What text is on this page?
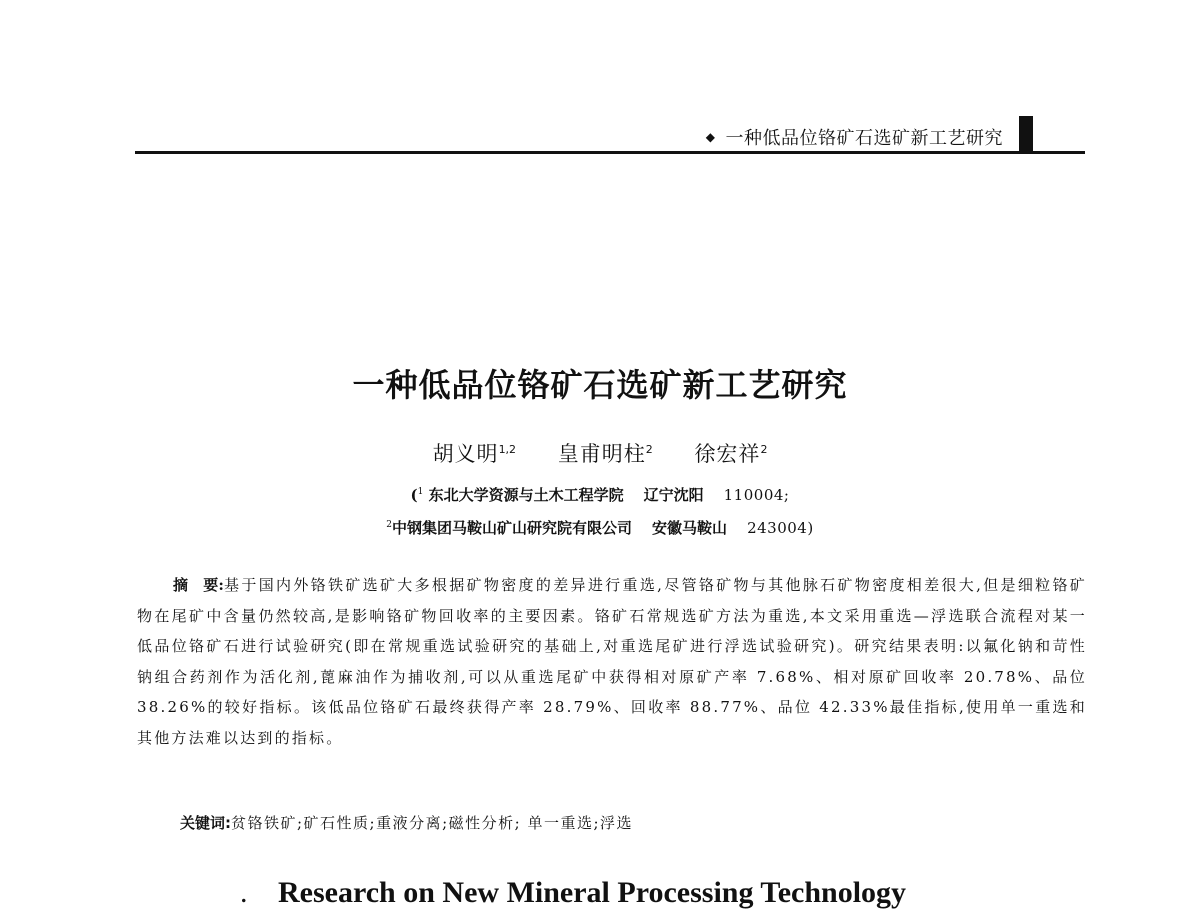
◆ 一种低品位铬矿石选矿新工艺研究
一种低品位铬矿石选矿新工艺研究
胡义明$^{1,2}$ 皇甫明柱$^2$ 徐宏祥$^2$
($^1$ 东北大学资源与土木工程学院 辽宁沈阳 110004;
$^2$中钢集团马鞍山矿山研究院有限公司 安徽马鞍山 243004)
摘　要:基于国内外铬铁矿选矿大多根据矿物密度的差异进行重选,尽管铬矿物与其他脉石矿物密度相差很大,但是细粒铬矿物在尾矿中含量仍然较高,是影响铬矿物回收率的主要因素。铬矿石常规选矿方法为重选,本文采用重选—浮选联合流程对某一低品位铬矿石进行试验研究(即在常规重选试验研究的基础上,对重选尾矿进行浮选试验研究)。研究结果表明:以氟化钠和苛性钠组合药剂作为活化剂,蓖麻油作为捕收剂,可以从重选尾矿中获得相对原矿产率 7.68%、相对原矿回收率 20.78%、品位 38.26%的较好指标。该低品位铬矿石最终获得产率 28.79%、回收率 88.77%、品位 42.33%最佳指标,使用单一重选和其他方法难以达到的指标。
关键词:贫铬铁矿;矿石性质;重液分离;磁性分析; 单一重选;浮选
. Research on New Mineral Processing Technology
